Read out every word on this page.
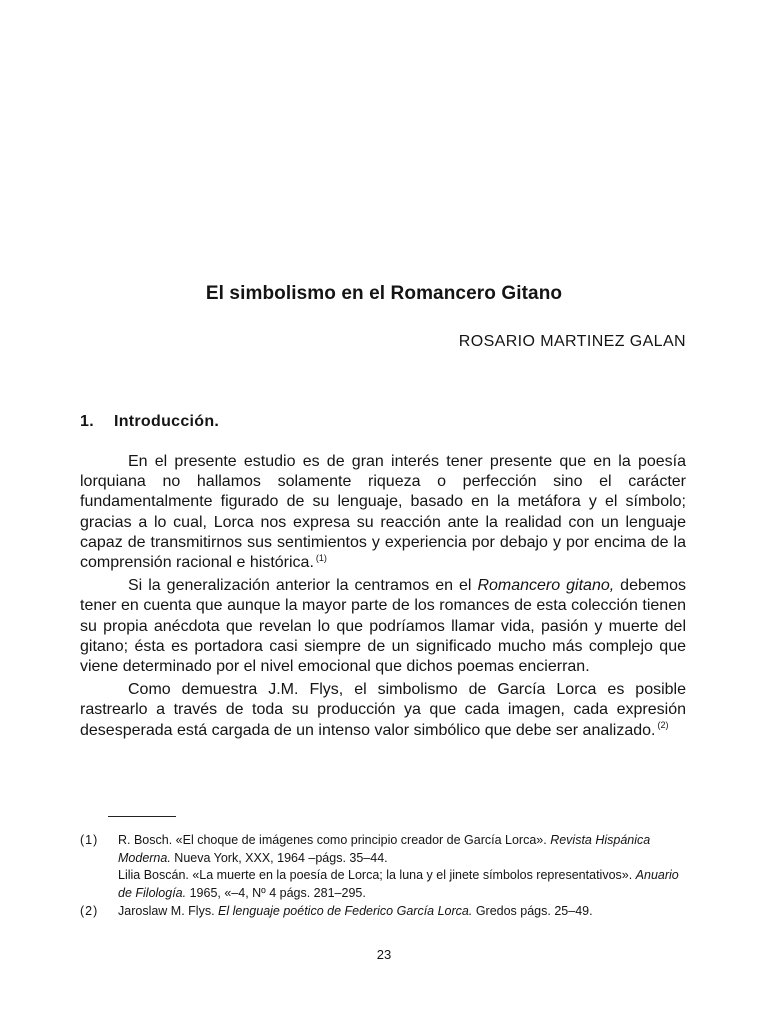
El simbolismo en el Romancero Gitano
ROSARIO MARTINEZ GALAN
1. Introducción.

En el presente estudio es de gran interés tener presente que en la poesía lorquiana no hallamos solamente riqueza o perfección sino el carácter fundamentalmente figurado de su lenguaje, basado en la metáfora y el símbolo; gracias a lo cual, Lorca nos expresa su reacción ante la realidad con un lenguaje capaz de transmitirnos sus sentimientos y experiencia por debajo y por encima de la comprensión racional e histórica. $^{(1)}$

Si la generalización anterior la centramos en el Romancero gitano, debemos tener en cuenta que aunque la mayor parte de los romances de esta colección tienen su propia anécdota que revelan lo que podríamos llamar vida, pasión y muerte del gitano; ésta es portadora casi siempre de un significado mucho más complejo que viene determinado por el nivel emocional que dichos poemas encierran.

Como demuestra J.M. Flys, el simbolismo de García Lorca es posible rastrearlo a través de toda su producción ya que cada imagen, cada expresión desesperada está cargada de un intenso valor simbólico que debe ser analizado. $^{(2)}$

(1)	R. Bosch. «El choque de imágenes como principio creador de García Lorca». Revista Hispánica Moderna. Nueva York, XXX, 1964 –págs. 35–44.
Lilia Boscán. «La muerte en la poesía de Lorca; la luna y el jinete símbolos representativos». Anuario de Filología. 1965, «–4, Nº 4 págs. 281–295.
(2)	Jaroslaw M. Flys. El lenguaje poético de Federico García Lorca. Gredos págs. 25–49.
23
